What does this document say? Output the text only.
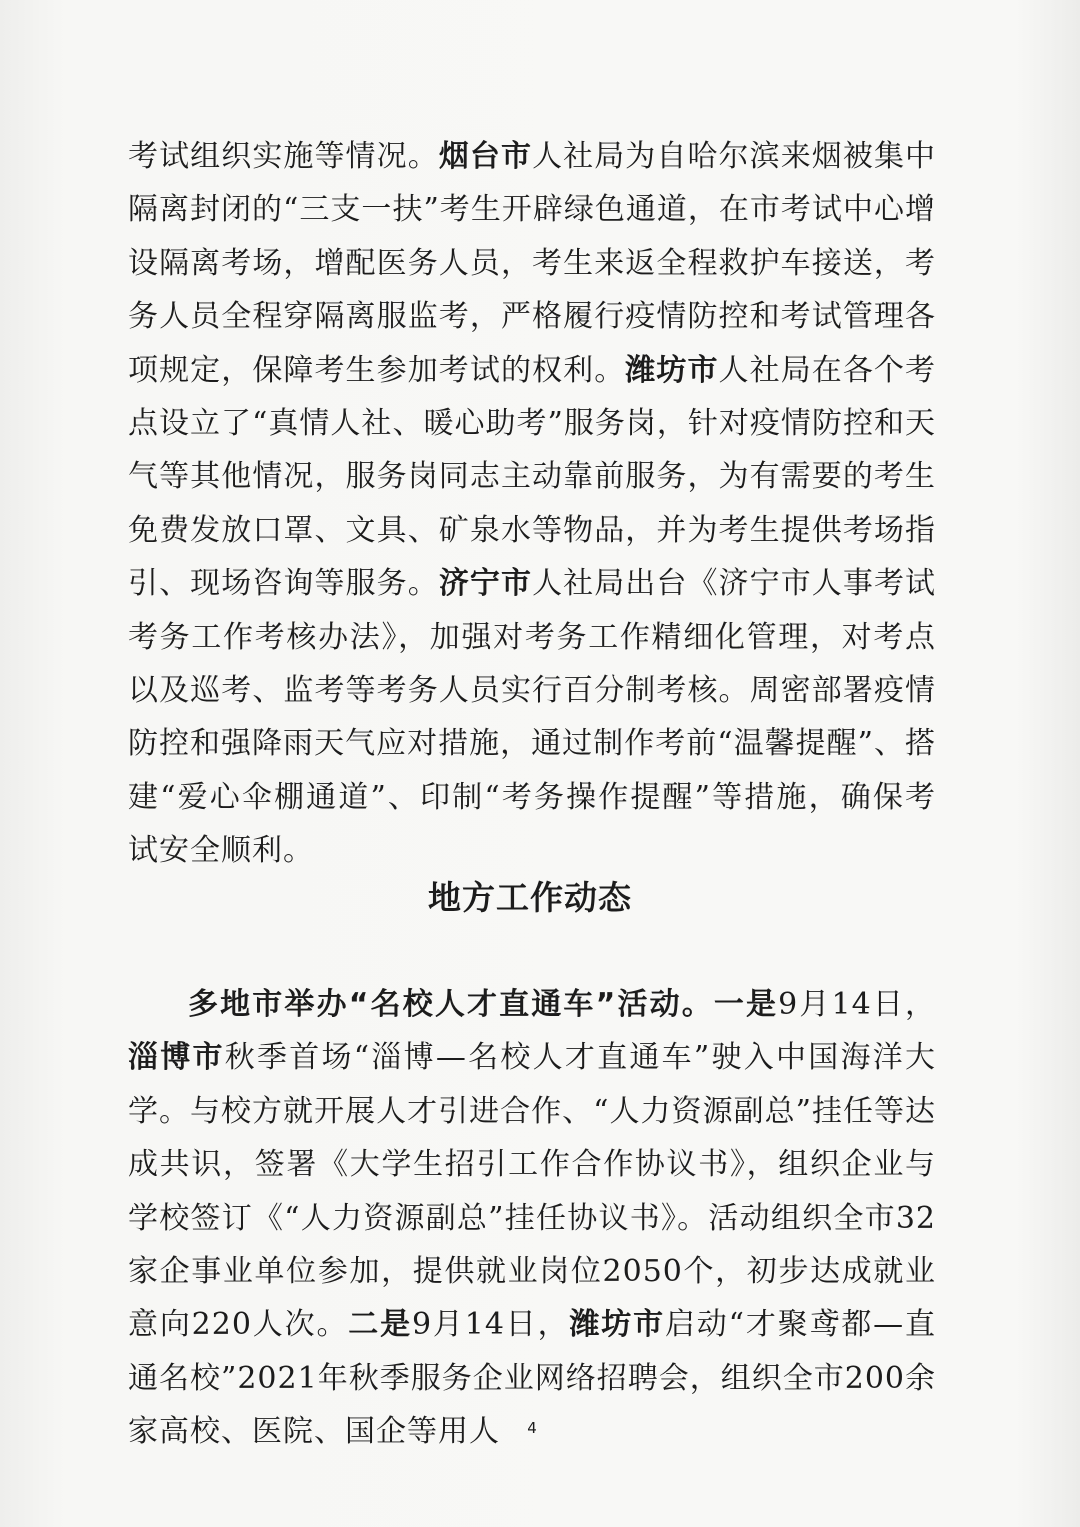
考试组织实施等情况。烟台市人社局为自哈尔滨来烟被集中隔离封闭的“三支一扶”考生开辟绿色通道，在市考试中心增设隔离考场，增配医务人员，考生来返全程救护车接送，考务人员全程穿隔离服监考，严格履行疫情防控和考试管理各项规定，保障考生参加考试的权利。潍坊市人社局在各个考点设立了“真情人社、暖心助考”服务岗，针对疫情防控和天气等其他情况，服务岗同志主动靠前服务，为有需要的考生免费发放口罩、文具、矿泉水等物品，并为考生提供考场指引、现场咨询等服务。济宁市人社局出台《济宁市人事考试考务工作考核办法》，加强对考务工作精细化管理，对考点以及巡考、监考等考务人员实行百分制考核。周密部署疫情防控和强降雨天气应对措施，通过制作考前“温馨提醒”、搭建“爱心伞棚通道”、印制“考务操作提醒”等措施，确保考试安全顺利。

地方工作动态

多地市举办“名校人才直通车”活动。一是9月14日，淄博市秋季首场“淄博—名校人才直通车”驶入中国海洋大学。与校方就开展人才引进合作、“人力资源副总”挂任等达成共识，签署《大学生招引工作合作协议书》，组织企业与学校签订《“人力资源副总”挂任协议书》。活动组织全市32家企事业单位参加，提供就业岗位2050个，初步达成就业意向220人次。二是9月14日，潍坊市启动“才聚鸢都—直通名校”2021年秋季服务企业网络招聘会，组织全市200余家高校、医院、国企等用人	4
